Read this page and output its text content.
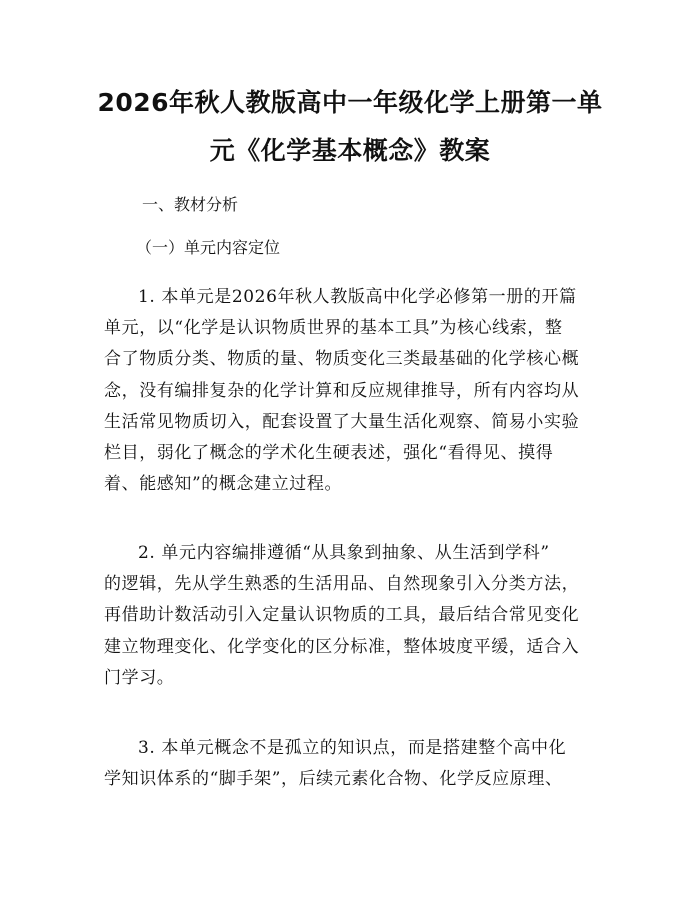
2026年秋人教版高中一年级化学上册第一单
元《化学基本概念》教案
一、教材分析
（一）单元内容定位
1. 本单元是2026年秋人教版高中化学必修第一册的开篇
单元，以“化学是认识物质世界的基本工具”为核心线索，整
合了物质分类、物质的量、物质变化三类最基础的化学核心概
念，没有编排复杂的化学计算和反应规律推导，所有内容均从
生活常见物质切入，配套设置了大量生活化观察、简易小实验
栏目，弱化了概念的学术化生硬表述，强化“看得见、摸得
着、能感知”的概念建立过程。
2. 单元内容编排遵循“从具象到抽象、从生活到学科”
的逻辑，先从学生熟悉的生活用品、自然现象引入分类方法，
再借助计数活动引入定量认识物质的工具，最后结合常见变化
建立物理变化、化学变化的区分标准，整体坡度平缓，适合入
门学习。
3. 本单元概念不是孤立的知识点，而是搭建整个高中化
学知识体系的“脚手架”，后续元素化合物、化学反应原理、
